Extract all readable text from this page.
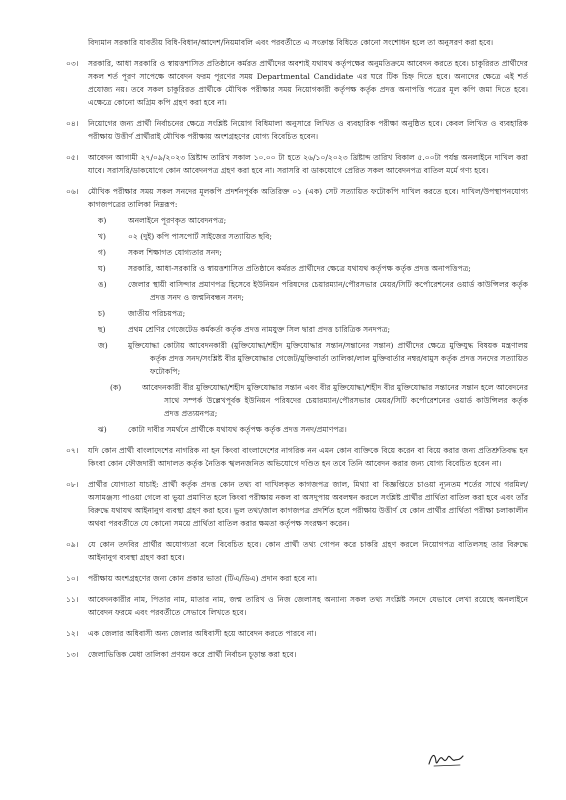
বিদ্যমান সরকারি যাবতীয় বিধি-বিধান/আদেশ/নিয়মাবলি এবং পরবর্তীতে এ সংক্রান্ত বিধিতে কোনো সংশোধন হলে তা অনুসরণ করা হবে।

০৩। সরকারি, আধা সরকারি ও স্বায়ত্তশাসিত প্রতিষ্ঠানে কর্মরত প্রার্থীদের অবশ্যই যথাযথ কর্তৃপক্ষের অনুমতিক্রমে আবেদন করতে হবে। চাকুরিরত প্রার্থীদের সকল শর্ত পূরণ সাপেক্ষে আবেদন ফরম পূরণের সময় Departmental Candidate এর ঘরে টিক চিহ্ন দিতে হবে। অন্যদের ক্ষেত্রে এই শর্ত প্রযোজ্য নয়। তবে সকল চাকুরিরত প্রার্থীকে মৌখিক পরীক্ষার সময় নিয়োগকারী কর্তৃপক্ষ কর্তৃক প্রদত্ত অনাপত্তি পত্রের মূল কপি জমা দিতে হবে। এক্ষেত্রে কোনো অগ্রিম কপি গ্রহণ করা হবে না।

০৪। নিয়োগের জন্য প্রার্থী নির্বাচনের ক্ষেত্রে সংশ্লিষ্ট নিয়োগ বিধিমালা অনুসারে লিখিত ও ব্যবহারিক পরীক্ষা অনুষ্ঠিত হবে। কেবল লিখিত ও ব্যবহারিক পরীক্ষায় উত্তীর্ণ প্রার্থীরাই মৌখিক পরীক্ষায় অংশগ্রহণের যোগ্য বিবেচিত হবেন।

০৫। আবেদন আগামী ২৭/০৯/২০২৩ খ্রিষ্টাব্দ তারিখ সকাল ১০.০০ টা হতে ২৬/১০/২০২৩ খ্রিষ্টাব্দ তারিখ বিকাল ৫.০০টা পর্যন্ত অনলাইনে দাখিল করা যাবে। সরাসরি/ডাকযোগে কোন আবেদনপত্র গ্রহণ করা হবে না। সরাসরি বা ডাকযোগে প্রেরিত সকল আবেদনপত্র বাতিল মর্মে গণ্য হবে।

০৬। মৌখিক পরীক্ষার সময় সকল সনদের মূলকপি প্রদর্শনপূর্বক অতিরিক্ত ০১ (এক) সেট সত্যায়িত ফটোকপি দাখিল করতে হবে। দাখিল/উপস্থাপনযোগ্য কাগজপত্রের তালিকা নিম্নরূপ:
ক)	অনলাইনে পূরণকৃত আবেদনপত্র;
খ)	০২ (দুই) কপি পাসপোর্ট সাইজের সত্যায়িত ছবি;
গ)	সকল শিক্ষাগত যোগ্যতার সনদ;
ঘ)	সরকারি, আধা-সরকারি ও স্বায়ত্তশাসিত প্রতিষ্ঠানে কর্মরত প্রার্থীদের ক্ষেত্রে যথাযথ কর্তৃপক্ষ কর্তৃক প্রদত্ত অনাপত্তিপত্র;
ঙ)	জেলার স্থায়ী বাসিন্দার প্রমাণপত্র হিসেবে ইউনিয়ন পরিষদের চেয়ারম্যান/পৌরসভার মেয়র/সিটি কর্পোরেশনের ওয়ার্ড কাউন্সিলর কর্তৃক প্রদত্ত সনদ ও জন্মনিবন্ধন সনদ;
চ)	জাতীয় পরিচয়পত্র;
ছ)	প্রথম শ্রেণির গেজেটেড কর্মকর্তা কর্তৃক প্রদত্ত নামযুক্ত সিল দ্বারা প্রদত্ত চারিত্রিক সনদপত্র;
জ)	মুক্তিযোদ্ধা কোটায় আবেদনকারী (মুক্তিযোদ্ধা/শহীদ মুক্তিযোদ্ধার সন্তান/সন্তানের সন্তান) প্রার্থীদের ক্ষেত্রে মুক্তিযুদ্ধ বিষয়ক মন্ত্রণালয় কর্তৃক প্রদত্ত সনদ/সংশ্লিষ্ট বীর মুক্তিযোদ্ধার গেজেট/মুক্তিবার্তা তালিকা/লাল মুক্তিবার্তার নম্বর/বামুস কর্তৃক প্রদত্ত সনদের সত্যায়িত ফটোকপি;
(ক)	আবেদনকারী বীর মুক্তিযোদ্ধা/শহীদ মুক্তিযোদ্ধার সন্তান এবং বীর মুক্তিযোদ্ধা/শহীদ বীর মুক্তিযোদ্ধার সন্তানের সন্তান হলে আবেদনের সাথে সম্পর্ক উল্লেখপূর্বক ইউনিয়ন পরিষদের চেয়ারম্যান/পৌরসভার মেয়র/সিটি কর্পোরেশনের ওয়ার্ড কাউন্সিলর কর্তৃক প্রদত্ত প্রত্যয়নপত্র;
ঝ)	কোটা দাবীর সমর্থনে প্রার্থীকে যথাযথ কর্তৃপক্ষ কর্তৃক প্রদত্ত সনদ/প্রমাণপত্র।

০৭। যদি কোন প্রার্থী বাংলাদেশের নাগরিক না হন কিংবা বাংলাদেশের নাগরিক নন এমন কোন ব্যক্তিকে বিয়ে করেন বা বিয়ে করার জন্য প্রতিশ্রুতিবদ্ধ হন কিংবা কোন ফৌজদারী আদালত কর্তৃক নৈতিক স্খলনজনিত অভিযোগে দণ্ডিত হন তবে তিনি আবেদন করার জন্য যোগ্য বিবেচিত হবেন না।

০৮। প্রার্থীর যোগ্যতা যাচাই: প্রার্থী কর্তৃক প্রদত্ত কোন তথ্য বা দাখিলকৃত কাগজপত্র জাল, মিথ্যা বা বিজ্ঞপ্তিতে চাওয়া ন্যূনতম শর্তের সাথে গরমিল/অসামঞ্জস্য পাওয়া গেলে বা ভুয়া প্রমাণিত হলে কিংবা পরীক্ষায় নকল বা অসদুপায় অবলম্বন করলে সংশ্লিষ্ট প্রার্থীর প্রার্থিতা বাতিল করা হবে এবং তাঁর বিরুদ্ধে যথাযথ আইনানুগ ব্যবস্থা গ্রহণ করা হবে। ভুল তথ্য/জাল কাগজপত্র প্রদর্শিত হলে পরীক্ষায় উত্তীর্ণ যে কোন প্রার্থীর প্রার্থিতা পরীক্ষা চলাকালীন অথবা পরবর্তীতে যে কোনো সময়ে প্রার্থিতা বাতিল করার ক্ষমতা কর্তৃপক্ষ সংরক্ষণ করেন।

০৯। যে কোন তদবির প্রার্থীর অযোগ্যতা বলে বিবেচিত হবে। কোন প্রার্থী তথ্য গোপন করে চাকরি গ্রহণ করলে নিয়োগপত্র বাতিলসহ তার বিরুদ্ধে আইনানুগ ব্যবস্থা গ্রহণ করা হবে।

১০। পরীক্ষায় অংশগ্রহণের জন্য কোন প্রকার ভাতা (টিএ/ডিএ) প্রদান করা হবে না।

১১। আবেদনকারীর নাম, পিতার নাম, মাতার নাম, জন্ম তারিখ ও নিজ জেলাসহ অন্যান্য সকল তথ্য সংশ্লিষ্ট সনদে যেভাবে লেখা রয়েছে অনলাইনে আবেদন ফরমে এবং পরবর্তীতে সেভাবে লিখতে হবে।

১২। এক জেলার অধিবাসী অন্য জেলার অধিবাসী হয়ে আবেদন করতে পারবে না।

১৩। জেলাভিত্তিক মেধা তালিকা প্রণয়ন করে প্রার্থী নির্বাচন চূড়ান্ত করা হবে।
